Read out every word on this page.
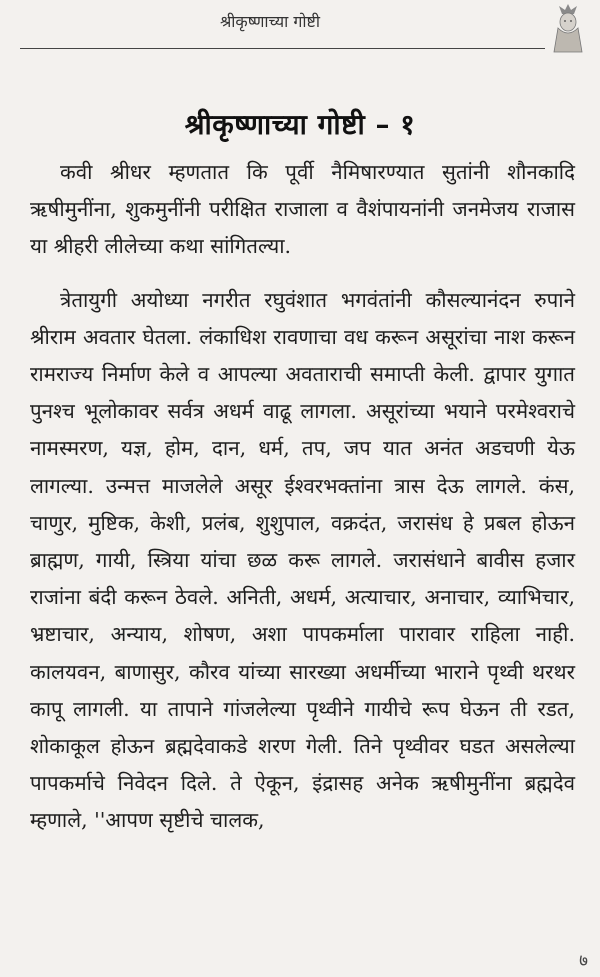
श्रीकृष्णाच्या गोष्टी
श्रीकृष्णाच्या गोष्टी – १

कवी श्रीधर म्हणतात कि पूर्वी नैमिषारण्यात सुतांनी शौनकादि ऋषीमुनींना, शुकमुनींनी परीक्षित राजाला व वैशंपायनांनी जनमेजय राजास या श्रीहरी लीलेच्या कथा सांगितल्या.

त्रेतायुगी अयोध्या नगरीत रघुवंशात भगवंतांनी कौसल्यानंदन रुपाने श्रीराम अवतार घेतला. लंकाधिश रावणाचा वध करून असूरांचा नाश करून रामराज्य निर्माण केले व आपल्या अवताराची समाप्ती केली. द्वापार युगात पुनश्च भूलोकावर सर्वत्र अधर्म वाढू लागला. असूरांच्या भयाने परमेश्वराचे नामस्मरण, यज्ञ, होम, दान, धर्म, तप, जप यात अनंत अडचणी येऊ लागल्या. उन्मत्त माजलेले असूर ईश्वरभक्तांना त्रास देऊ लागले. कंस, चाणुर, मुष्टिक, केशी, प्रलंब, शुशुपाल, वक्रदंत, जरासंध हे प्रबल होऊन ब्राह्मण, गायी, स्त्रिया यांचा छळ करू लागले. जरासंधाने बावीस हजार राजांना बंदी करून ठेवले. अनिती, अधर्म, अत्याचार, अनाचार, व्याभिचार, भ्रष्टाचार, अन्याय, शोषण, अशा पापकर्माला पारावार राहिला नाही. कालयवन, बाणासुर, कौरव यांच्या सारख्या अधर्मीच्या भाराने पृथ्वी थरथर कापू लागली. या तापाने गांजलेल्या पृथ्वीने गायीचे रूप घेऊन ती रडत, शोकाकूल होऊन ब्रह्मदेवाकडे शरण गेली. तिने पृथ्वीवर घडत असलेल्या पापकर्माचे निवेदन दिले. ते ऐकून, इंद्रासह अनेक ऋषीमुनींना ब्रह्मदेव म्हणाले, ''आपण सृष्टीचे चालक,

७
